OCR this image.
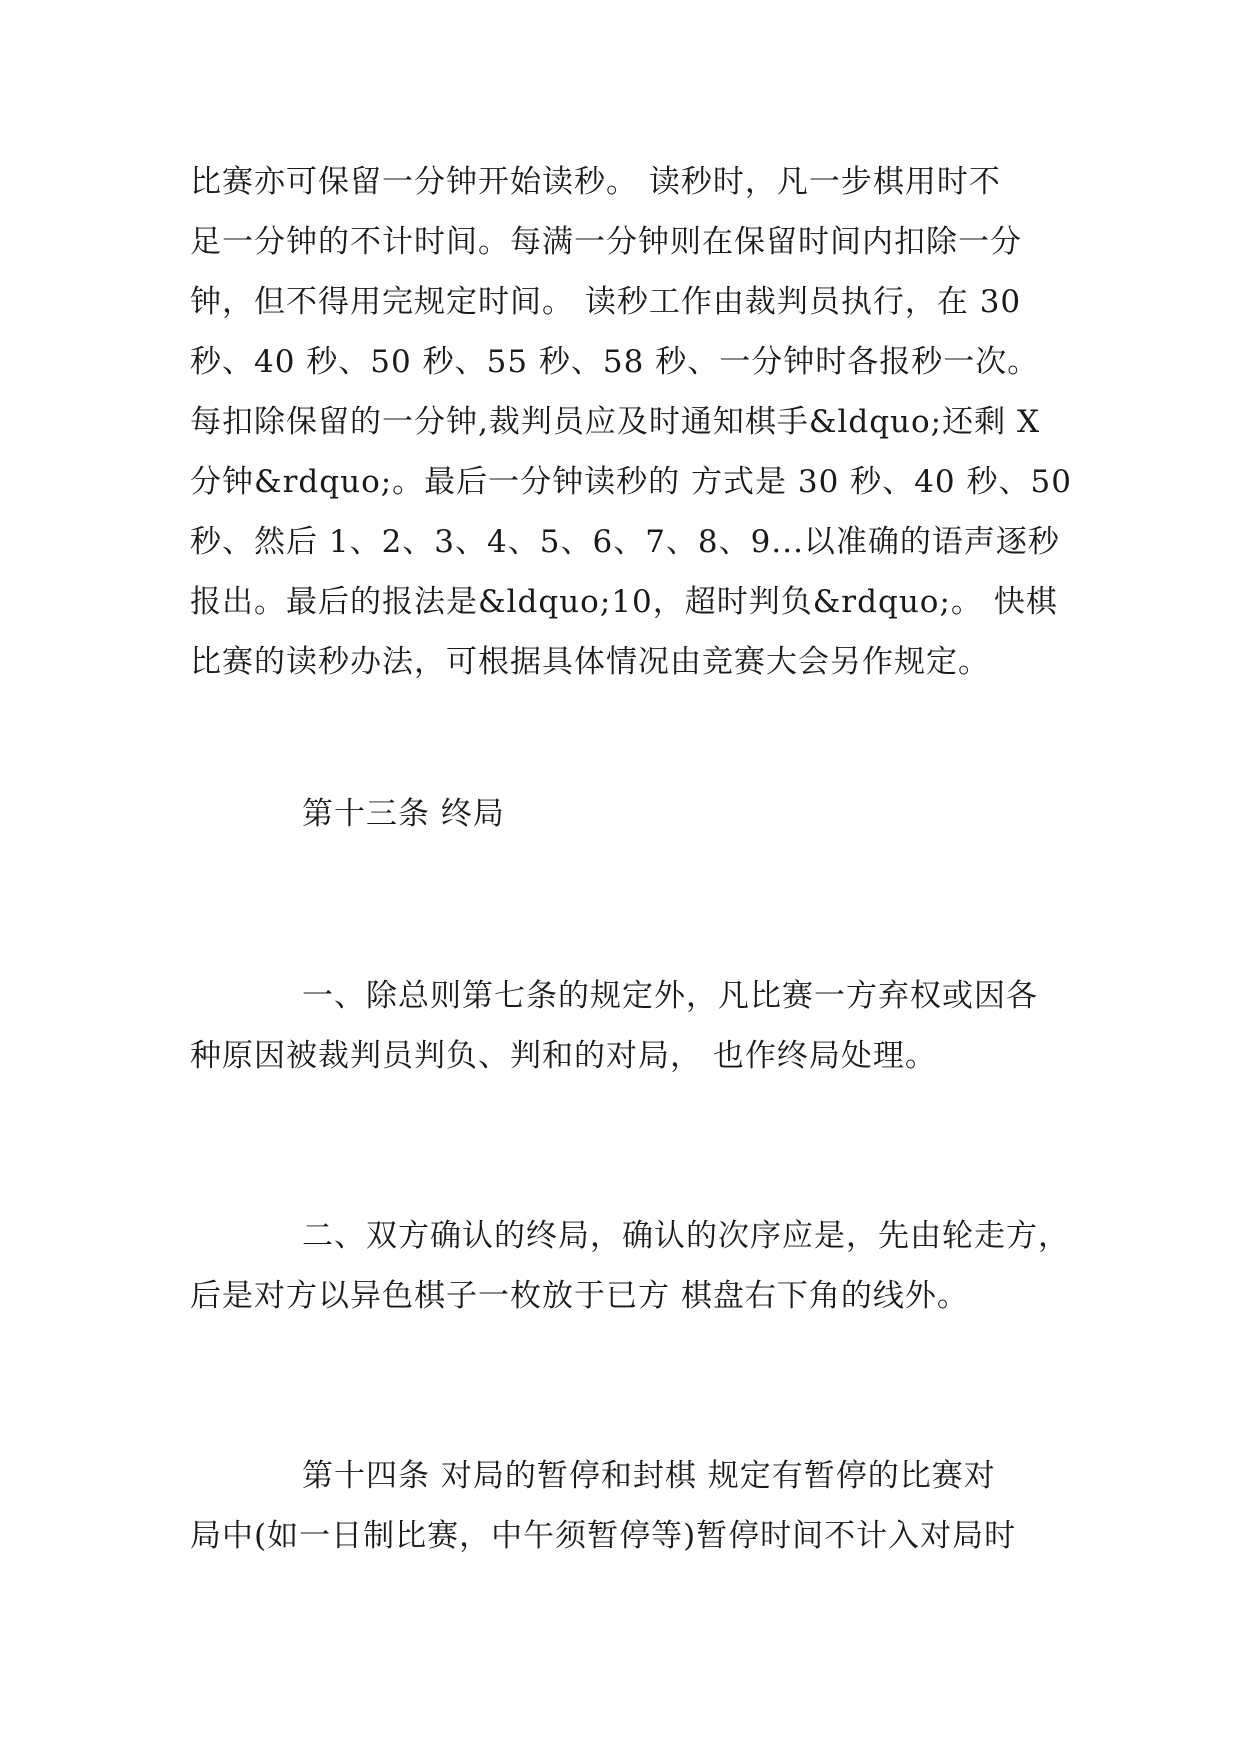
比赛亦可保留一分钟开始读秒。 读秒时，凡一步棋用时不
足一分钟的不计时间。每满一分钟则在保留时间内扣除一分
钟，但不得用完规定时间。 读秒工作由裁判员执行，在 30
秒、40 秒、50 秒、55 秒、58 秒、一分钟时各报秒一次。
每扣除保留的一分钟,裁判员应及时通知棋手&ldquo;还剩 X
分钟&rdquo;。最后一分钟读秒的 方式是 30 秒、40 秒、50
秒、然后 1、2、3、4、5、6、7、8、9...以准确的语声逐秒
报出。最后的报法是&ldquo;10，超时判负&rdquo;。 快棋
比赛的读秒办法，可根据具体情况由竞赛大会另作规定。
第十三条 终局
一、除总则第七条的规定外，凡比赛一方弃权或因各
种原因被裁判员判负、判和的对局， 也作终局处理。
二、双方确认的终局，确认的次序应是，先由轮走方，
后是对方以异色棋子一枚放于已方 棋盘右下角的线外。
第十四条 对局的暂停和封棋 规定有暂停的比赛对
局中(如一日制比赛，中午须暂停等)暂停时间不计入对局时
